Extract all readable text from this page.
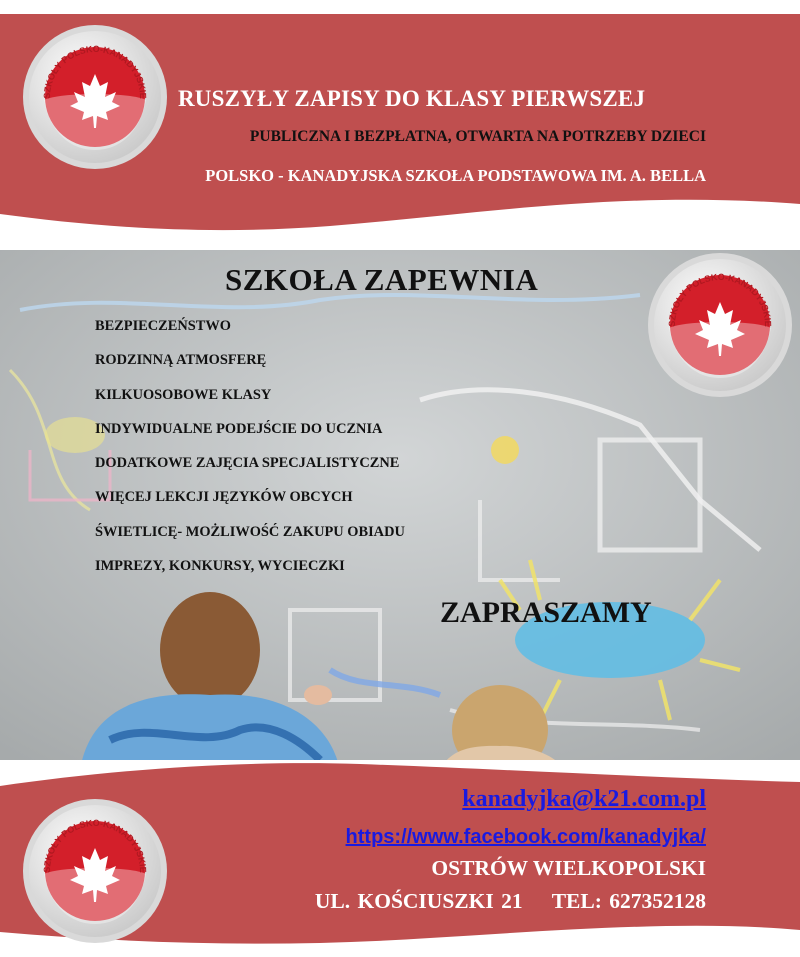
SZKOŁY POLSKO-KANADYJSKIE
SZKOŁY POLSKO-KANADYJSKIE
SZKOŁY POLSKO-KANADYJSKIE
RUSZYŁY ZAPISY DO KLASY PIERWSZEJ
PUBLICZNA I BEZPŁATNA, OTWARTA NA POTRZEBY DZIECI
POLSKO - KANADYJSKA SZKOŁA PODSTAWOWA IM. A. BELLA
SZKOŁA ZAPEWNIA
BEZPIECZEŃSTWO
RODZINNĄ ATMOSFERĘ
KILKUOSOBOWE KLASY
INDYWIDUALNE PODEJŚCIE DO UCZNIA
DODATKOWE ZAJĘCIA SPECJALISTYCZNE
WIĘCEJ LEKCJI JĘZYKÓW OBCYCH
ŚWIETLICĘ- MOŻLIWOŚĆ ZAKUPU OBIADU
IMPREZY, KONKURSY, WYCIECZKI
ZAPRASZAMY
kanadyjka@k21.com.pl
https://www.facebook.com/kanadyjka/
OSTRÓW WIELKOPOLSKI
UL. KOŚCIUSZKI 21    TEL: 627352128
